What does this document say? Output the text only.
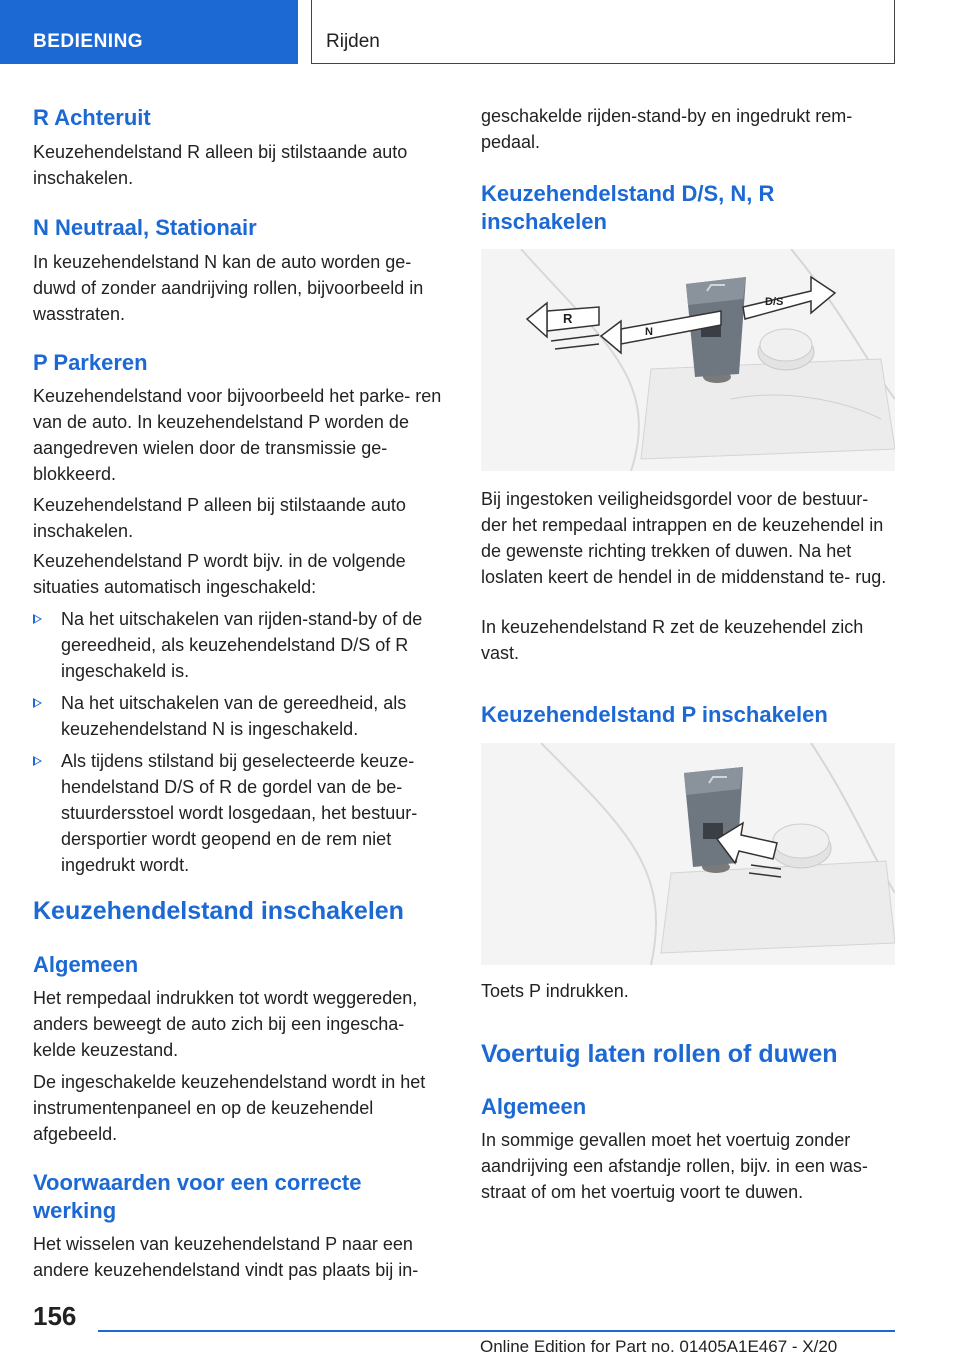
BEDIENING	Rijden
R Achteruit

Keuzehendelstand R alleen bij stilstaande auto inschakelen.

N Neutraal, Stationair

In keuzehendelstand N kan de auto worden ge- duwd of zonder aandrijving rollen, bijvoorbeeld in wasstraten.

P Parkeren

Keuzehendelstand voor bijvoorbeeld het parke- ren van de auto. In keuzehendelstand P worden de aangedreven wielen door de transmissie ge- blokkeerd.

Keuzehendelstand P alleen bij stilstaande auto inschakelen.

Keuzehendelstand P wordt bijv. in de volgende situaties automatisch ingeschakeld:

Na het uitschakelen van rijden-stand-by of de gereedheid, als keuzehendelstand D/S of R ingeschakeld is.
Na het uitschakelen van de gereedheid, als keuzehendelstand N is ingeschakeld.
Als tijdens stilstand bij geselecteerde keuze- hendelstand D/S of R de gordel van de be- stuurdersstoel wordt losgedaan, het bestuur- dersportier wordt geopend en de rem niet ingedrukt wordt.
Keuzehendelstand inschakelen
Algemeen

Het rempedaal indrukken tot wordt weggereden, anders beweegt de auto zich bij een ingescha- kelde keuzestand.

De ingeschakelde keuzehendelstand wordt in het instrumentenpaneel en op de keuzehendel afgebeeld.

Voorwaarden voor een correcte werking

Het wisselen van keuzehendelstand P naar een andere keuzehendelstand vindt pas plaats bij in-

geschakelde rijden-stand-by en ingedrukt rem- pedaal.

Keuzehendelstand D/S, N, R inschakelen
R
N
D/S

Bij ingestoken veiligheidsgordel voor de bestuur- der het rempedaal intrappen en de keuzehendel in de gewenste richting trekken of duwen. Na het loslaten keert de hendel in de middenstand te- rug.

In keuzehendelstand R zet de keuzehendel zich vast.

Keuzehendelstand P inschakelen

Toets P indrukken.

Voertuig laten rollen of duwen
Algemeen

In sommige gevallen moet het voertuig zonder aandrijving een afstandje rollen, bijv. in een was- straat of om het voertuig voort te duwen.

156
Online Edition for Part no. 01405A1E467 - X/20
